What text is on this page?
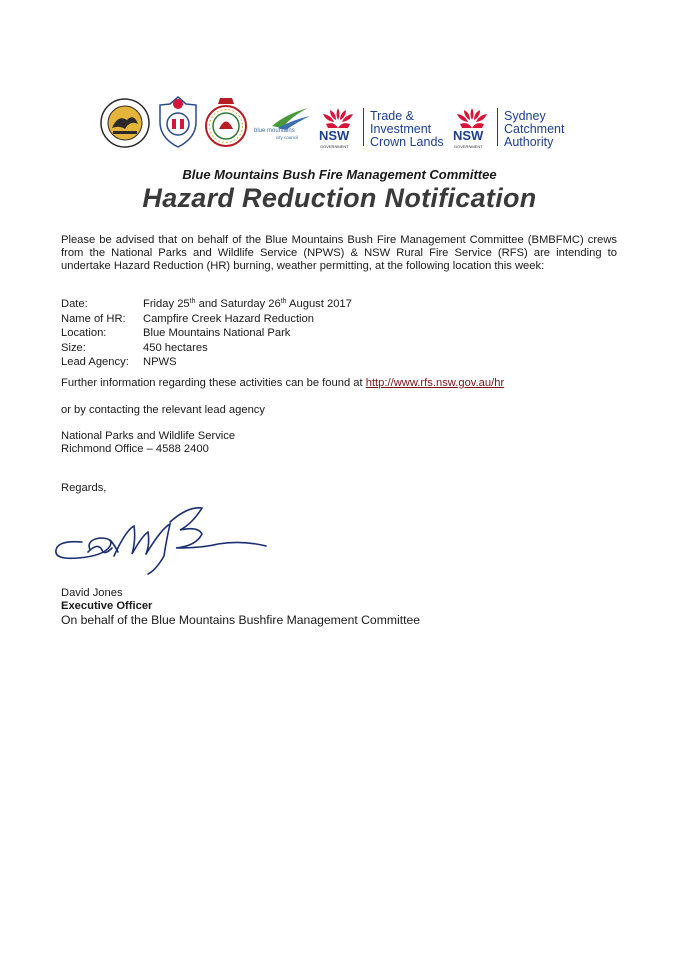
blue mountains
city council NSW
GOVERNMENT
Trade &
Investment
Crown Lands NSW
GOVERNMENT
Sydney
Catchment
Authority
Blue Mountains Bush Fire Management Committee
Hazard Reduction Notification
Please be advised that on behalf of the Blue Mountains Bush Fire Management Committee (BMBFMC) crews from the National Parks and Wildlife Service (NPWS) & NSW Rural Fire Service (RFS) are intending to undertake Hazard Reduction (HR) burning, weather permitting, at the following location this week:
Date:	Friday 25th and Saturday 26th August 2017
Name of HR:	Campfire Creek Hazard Reduction
Location:	Blue Mountains National Park
Size:	450 hectares
Lead Agency:	NPWS
Further information regarding these activities can be found at http://www.rfs.nsw.gov.au/hr
or by contacting the relevant lead agency
National Parks and Wildlife Service
Richmond Office – 4588 2400
Regards,
David Jones
Executive Officer
On behalf of the Blue Mountains Bushfire Management Committee
